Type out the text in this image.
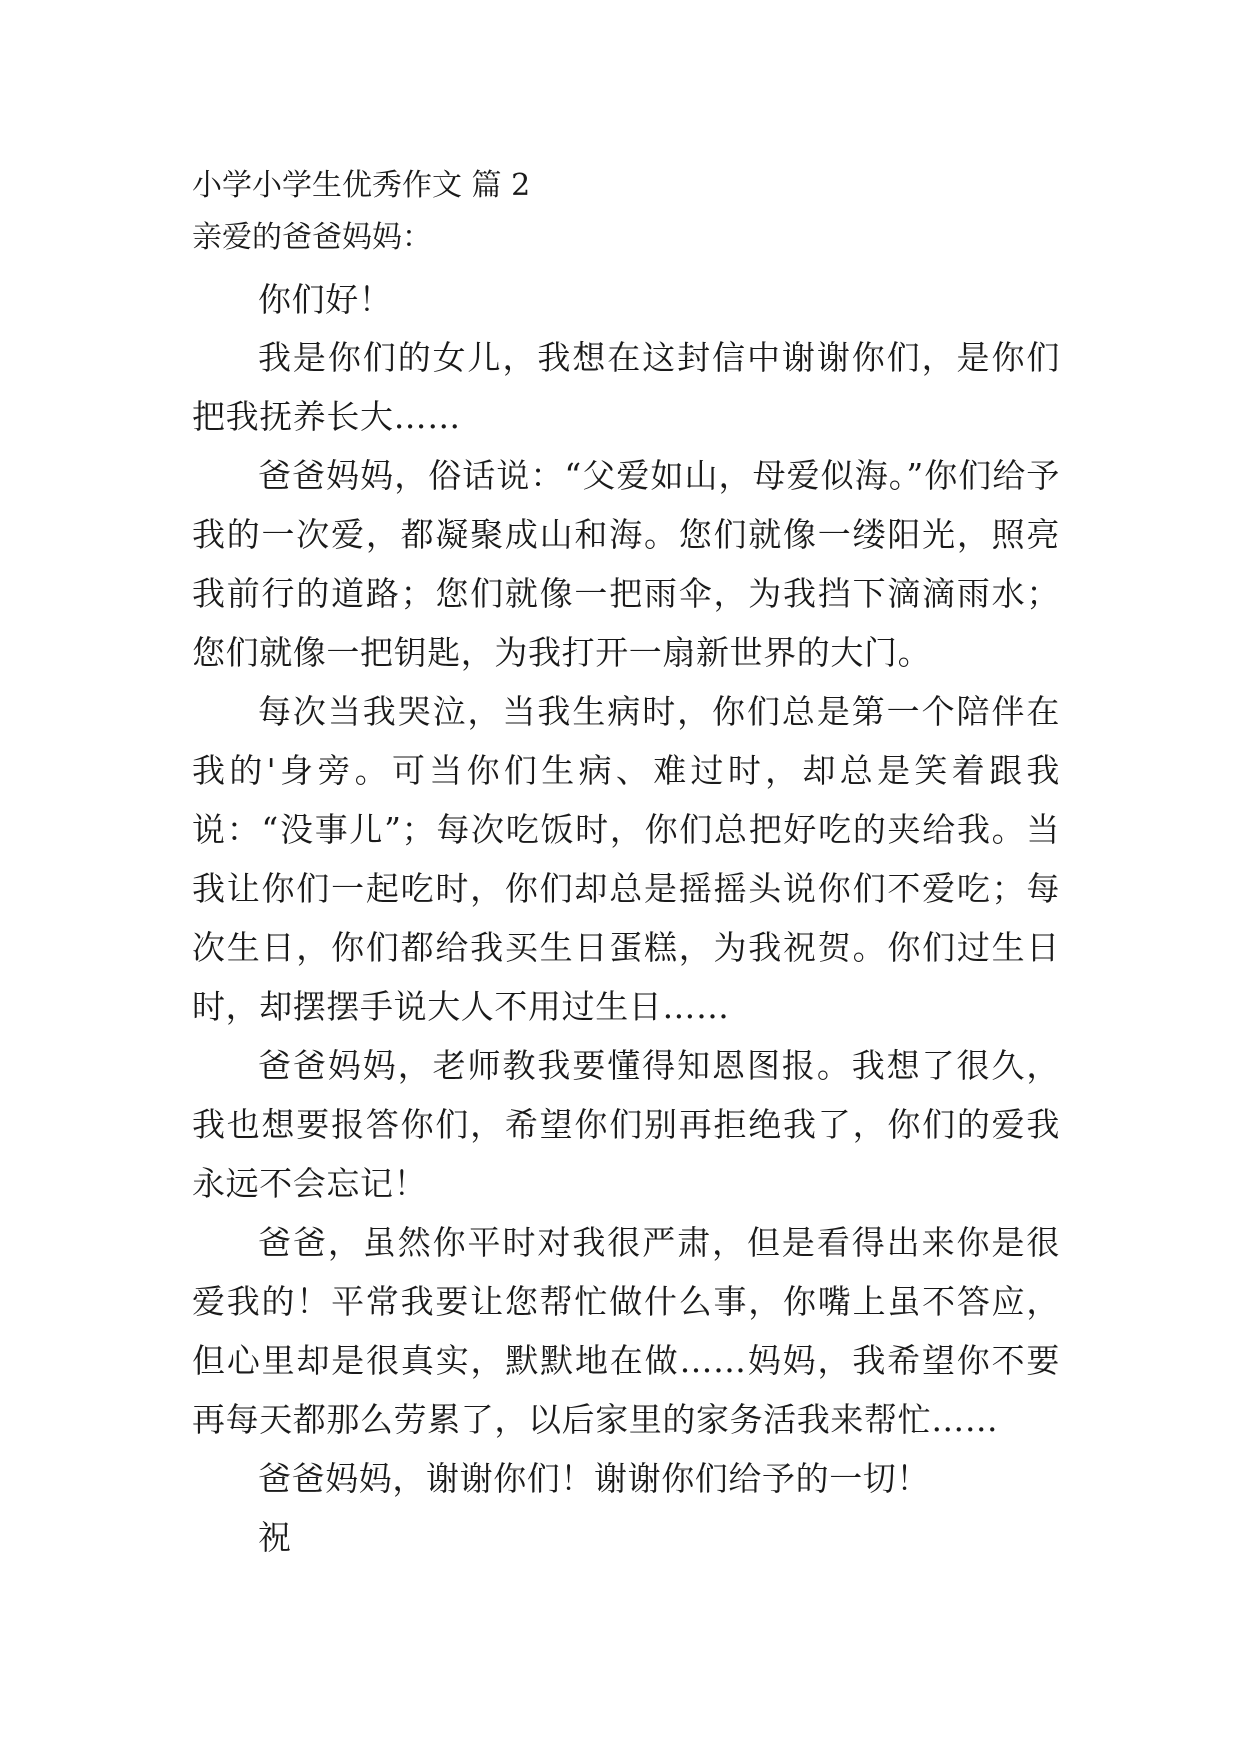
小学小学生优秀作文 篇 2

亲爱的爸爸妈妈：

你们好！

我是你们的女儿，我想在这封信中谢谢你们，是你们把我抚养长大……

爸爸妈妈，俗话说：“父爱如山，母爱似海。”你们给予我的一次爱，都凝聚成山和海。您们就像一缕阳光，照亮我前行的道路；您们就像一把雨伞，为我挡下滴滴雨水；您们就像一把钥匙，为我打开一扇新世界的大门。

每次当我哭泣，当我生病时，你们总是第一个陪伴在我的'身旁。可当你们生病、难过时，却总是笑着跟我说：“没事儿”；每次吃饭时，你们总把好吃的夹给我。当我让你们一起吃时，你们却总是摇摇头说你们不爱吃；每次生日，你们都给我买生日蛋糕，为我祝贺。你们过生日时，却摆摆手说大人不用过生日……

爸爸妈妈，老师教我要懂得知恩图报。我想了很久，我也想要报答你们，希望你们别再拒绝我了，你们的爱我永远不会忘记！

爸爸，虽然你平时对我很严肃，但是看得出来你是很爱我的！平常我要让您帮忙做什么事，你嘴上虽不答应，但心里却是很真实，默默地在做……妈妈，我希望你不要再每天都那么劳累了，以后家里的家务活我来帮忙……

爸爸妈妈，谢谢你们！谢谢你们给予的一切！

祝
